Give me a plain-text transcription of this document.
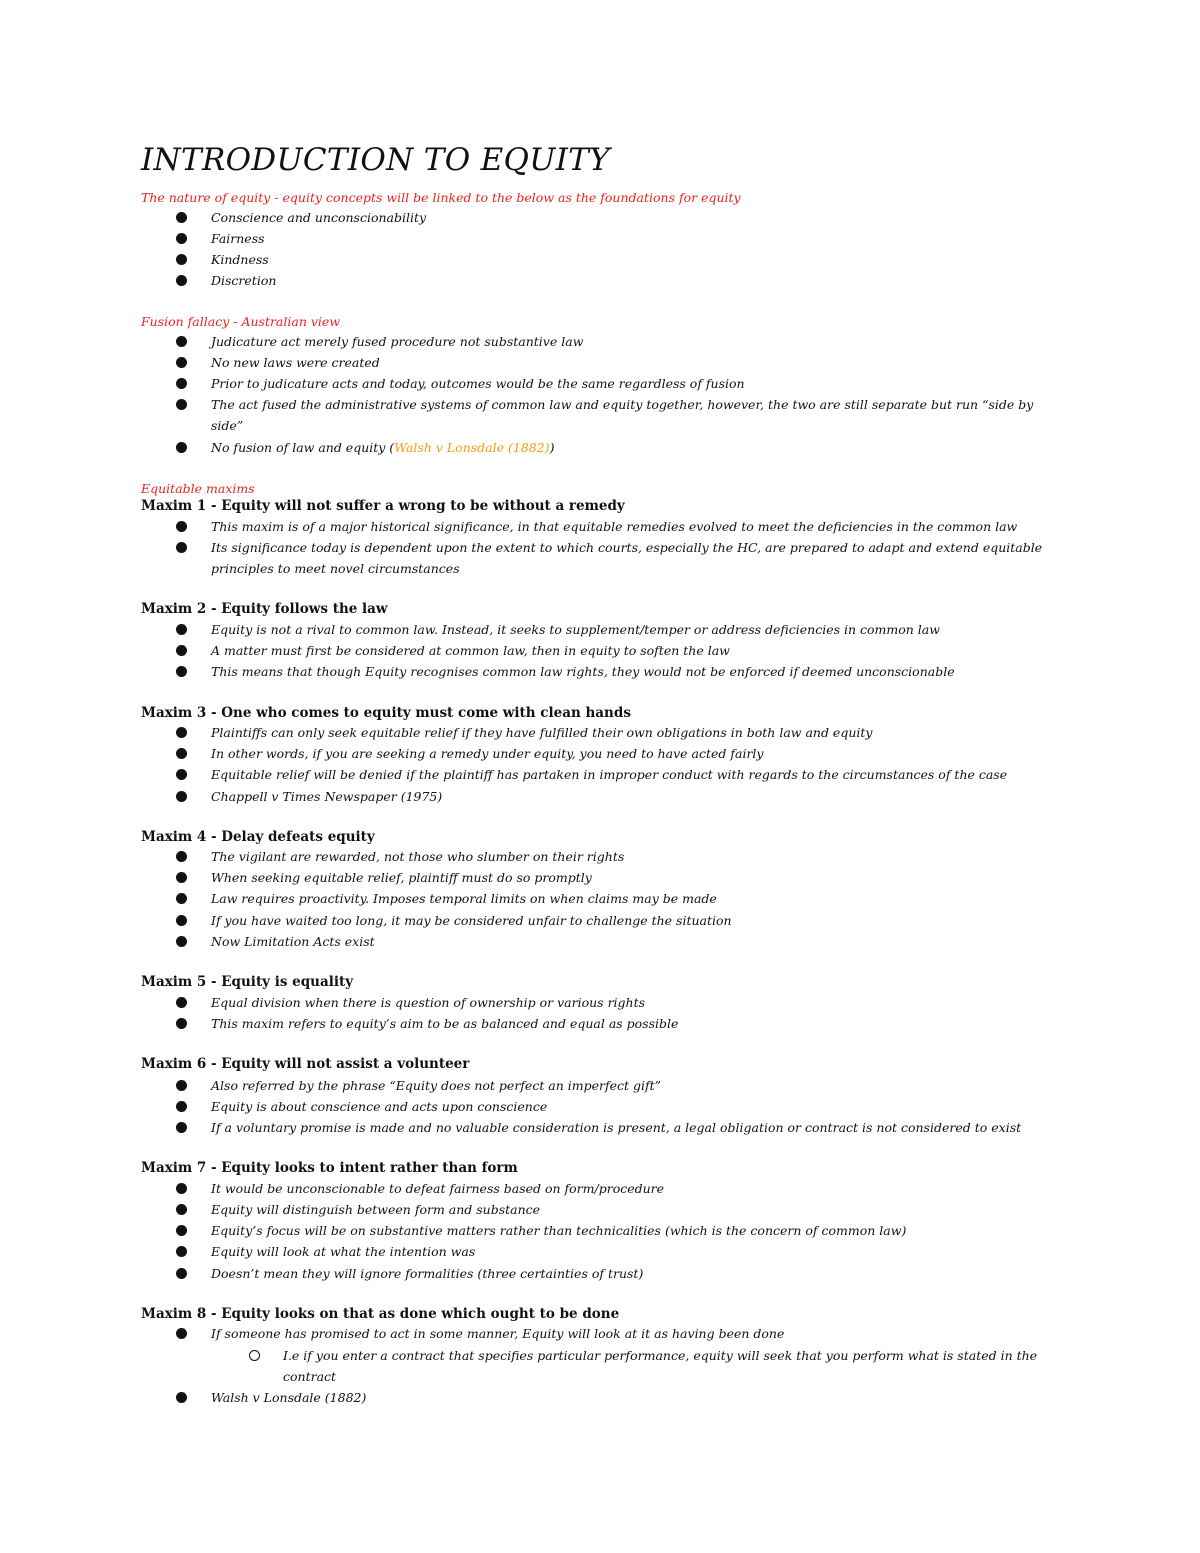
INTRODUCTION TO EQUITY
The nature of equity - equity concepts will be linked to the below as the foundations for equity
Conscience and unconscionability
Fairness
Kindness
Discretion
Fusion fallacy - Australian view
Judicature act merely fused procedure not substantive law
No new laws were created
Prior to judicature acts and today, outcomes would be the same regardless of fusion
The act fused the administrative systems of common law and equity together, however, the two are still separate but run “side by side”
No fusion of law and equity (Walsh v Lonsdale (1882))
Equitable maxims
Maxim 1 - Equity will not suffer a wrong to be without a remedy
This maxim is of a major historical significance, in that equitable remedies evolved to meet the deficiencies in the common law
Its significance today is dependent upon the extent to which courts, especially the HC, are prepared to adapt and extend equitable principles to meet novel circumstances
Maxim 2 - Equity follows the law
Equity is not a rival to common law. Instead, it seeks to supplement/temper or address deficiencies in common law
A matter must first be considered at common law, then in equity to soften the law
This means that though Equity recognises common law rights, they would not be enforced if deemed unconscionable
Maxim 3 - One who comes to equity must come with clean hands
Plaintiffs can only seek equitable relief if they have fulfilled their own obligations in both law and equity
In other words, if you are seeking a remedy under equity, you need to have acted fairly
Equitable relief will be denied if the plaintiff has partaken in improper conduct with regards to the circumstances of the case
Chappell v Times Newspaper (1975)
Maxim 4 - Delay defeats equity
The vigilant are rewarded, not those who slumber on their rights
When seeking equitable relief, plaintiff must do so promptly
Law requires proactivity. Imposes temporal limits on when claims may be made
If you have waited too long, it may be considered unfair to challenge the situation
Now Limitation Acts exist
Maxim 5 - Equity is equality
Equal division when there is question of ownership or various rights
This maxim refers to equity’s aim to be as balanced and equal as possible
Maxim 6 - Equity will not assist a volunteer
Also referred by the phrase “Equity does not perfect an imperfect gift”
Equity is about conscience and acts upon conscience
If a voluntary promise is made and no valuable consideration is present, a legal obligation or contract is not considered to exist
Maxim 7 - Equity looks to intent rather than form
It would be unconscionable to defeat fairness based on form/procedure
Equity will distinguish between form and substance
Equity’s focus will be on substantive matters rather than technicalities (which is the concern of common law)
Equity will look at what the intention was
Doesn’t mean they will ignore formalities (three certainties of trust)
Maxim 8 - Equity looks on that as done which ought to be done
If someone has promised to act in some manner, Equity will look at it as having been done
I.e if you enter a contract that specifies particular performance, equity will seek that you perform what is stated in the contract
Walsh v Lonsdale (1882)
